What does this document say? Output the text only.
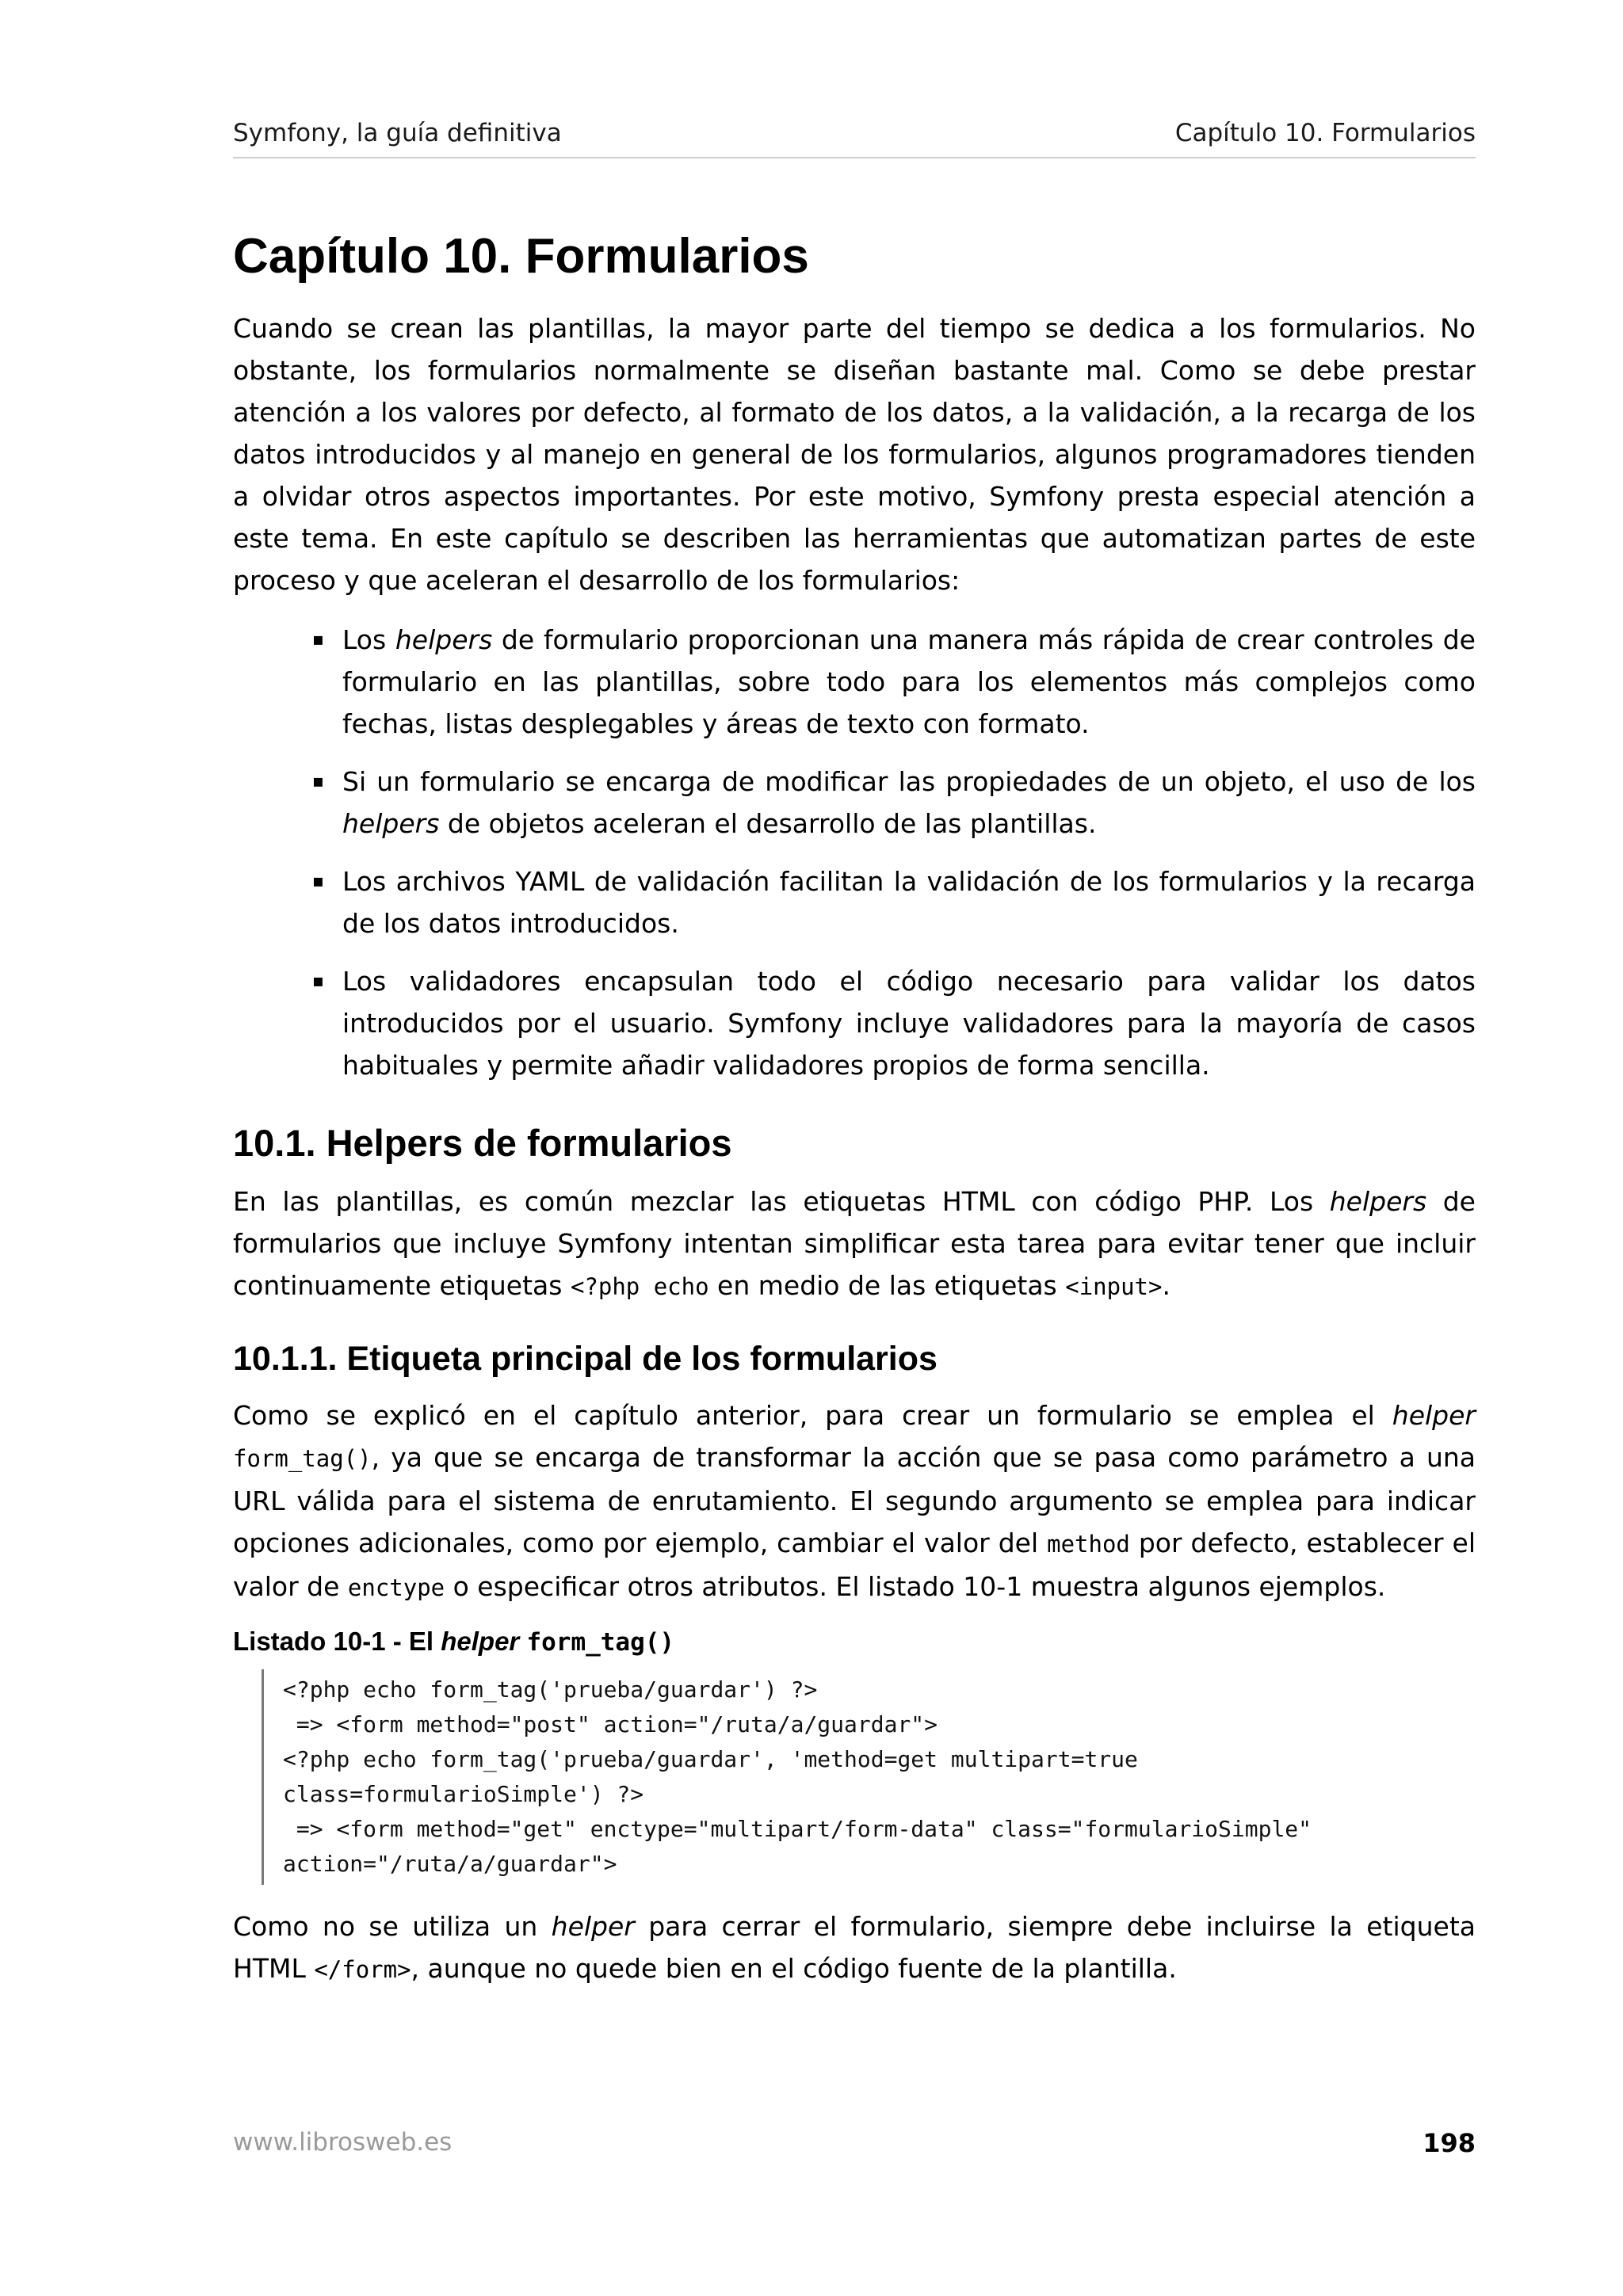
Symfony, la guía definitiva	Capítulo 10. Formularios
Capítulo 10. Formularios

Cuando se crean las plantillas, la mayor parte del tiempo se dedica a los formularios. No obstante, los formularios normalmente se diseñan bastante mal. Como se debe prestar atención a los valores por defecto, al formato de los datos, a la validación, a la recarga de los datos introducidos y al manejo en general de los formularios, algunos programadores tienden a olvidar otros aspectos importantes. Por este motivo, Symfony presta especial atención a este tema. En este capítulo se describen las herramientas que automatizan partes de este proceso y que aceleran el desarrollo de los formularios:

▪ Los helpers de formulario proporcionan una manera más rápida de crear controles de formulario en las plantillas, sobre todo para los elementos más complejos como fechas, listas desplegables y áreas de texto con formato.
▪ Si un formulario se encarga de modificar las propiedades de un objeto, el uso de los helpers de objetos aceleran el desarrollo de las plantillas.
▪ Los archivos YAML de validación facilitan la validación de los formularios y la recarga de los datos introducidos.
▪ Los validadores encapsulan todo el código necesario para validar los datos introducidos por el usuario. Symfony incluye validadores para la mayoría de casos habituales y permite añadir validadores propios de forma sencilla.
10.1. Helpers de formularios

En las plantillas, es común mezclar las etiquetas HTML con código PHP. Los helpers de formularios que incluye Symfony intentan simplificar esta tarea para evitar tener que incluir continuamente etiquetas <?php echo en medio de las etiquetas <input>.

10.1.1. Etiqueta principal de los formularios

Como se explicó en el capítulo anterior, para crear un formulario se emplea el helper form_tag(), ya que se encarga de transformar la acción que se pasa como parámetro a una URL válida para el sistema de enrutamiento. El segundo argumento se emplea para indicar opciones adicionales, como por ejemplo, cambiar el valor del method por defecto, establecer el valor de enctype o especificar otros atributos. El listado 10-1 muestra algunos ejemplos.

Listado 10-1 - El helper form_tag()
<?php echo form_tag('prueba/guardar') ?>
=> <form method="post" action="/ruta/a/guardar">
<?php echo form_tag('prueba/guardar', 'method=get multipart=true
class=formularioSimple') ?>
=> <form method="get" enctype="multipart/form-data" class="formularioSimple"
action="/ruta/a/guardar">

Como no se utiliza un helper para cerrar el formulario, siempre debe incluirse la etiqueta HTML </form>, aunque no quede bien en el código fuente de la plantilla.

www.librosweb.es	198
